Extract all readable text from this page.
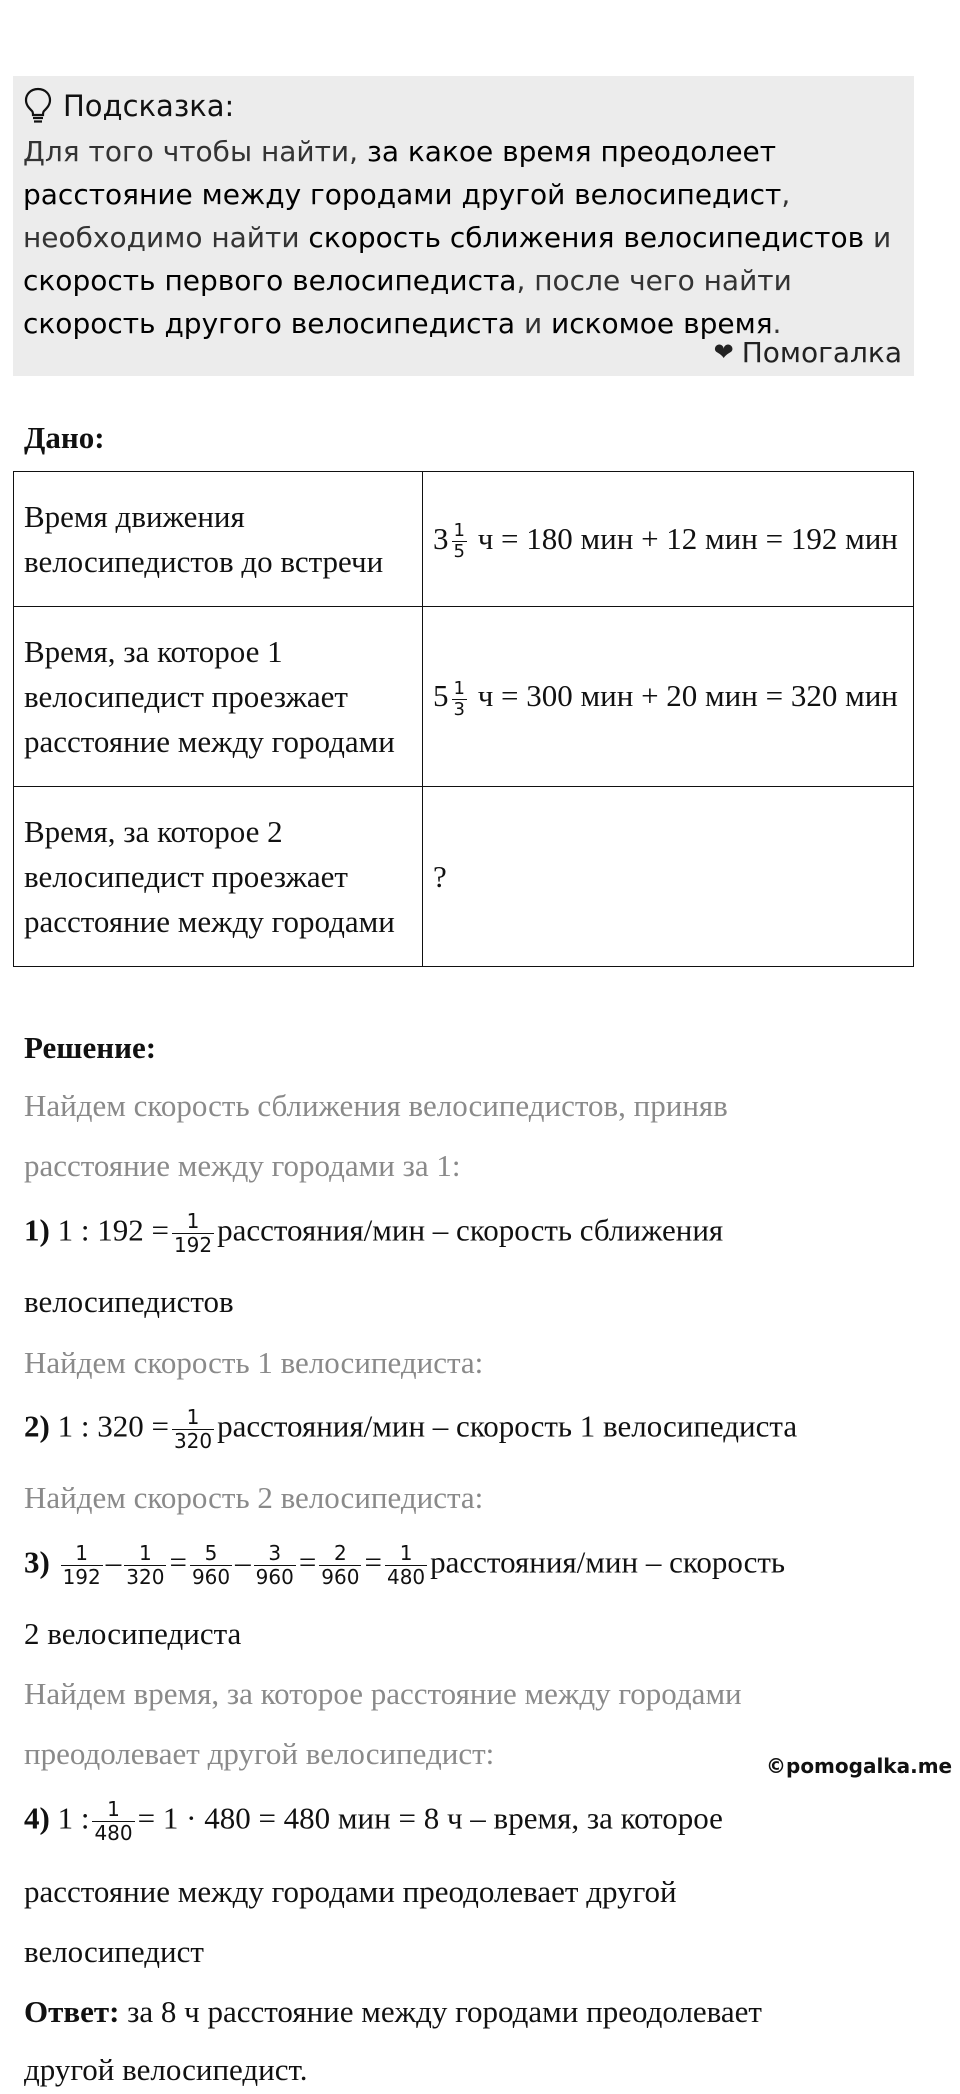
Подсказка:
Для того чтобы найти, за какое время преодолеет расстояние между городами другой велосипедист, необходимо найти скорость сближения велосипедистов и скорость первого велосипедиста, после чего найти скорость другого велосипедиста и искомое время.
❤ Помогалка
Дано:
Время движения велосипедистов до встречи	$3 \frac{1}{5}$ ч = 180 мин + 12 мин = 192 мин
Время, за которое 1 велосипедист проезжает расстояние между городами	$5 \frac{1}{3}$ ч = 300 мин + 20 мин = 320 мин
Время, за которое 2 велосипедист проезжает расстояние между городами	?
Решение:
Найдем скорость сближения велосипедистов, приняв
расстояние между городами за 1:
1) 1 : $192 = \frac{1}{192}$ расстояния/мин – скорость сближения
велосипедистов
Найдем скорость 1 велосипедиста:
2) 1 : $320 = \frac{1}{320}$ расстояния/мин – скорость 1 велосипедиста
Найдем скорость 2 велосипедиста:
$3) \frac{1}{192} - \frac{1}{320} = \frac{5}{960} - \frac{3}{960} = \frac{2}{960} = \frac{1}{480}$ расстояния/мин – скорость
2 велосипедиста
Найдем время, за которое расстояние между городами
преодолевает другой велосипедист:	©pomogalka.me
4) 1 : $\frac{1}{480} = 1 \cdot 480 = 480$ мин = 8 ч – время, за которое
расстояние между городами преодолевает другой
велосипедист
Ответ: за 8 ч расстояние между городами преодолевает
другой велосипедист.
